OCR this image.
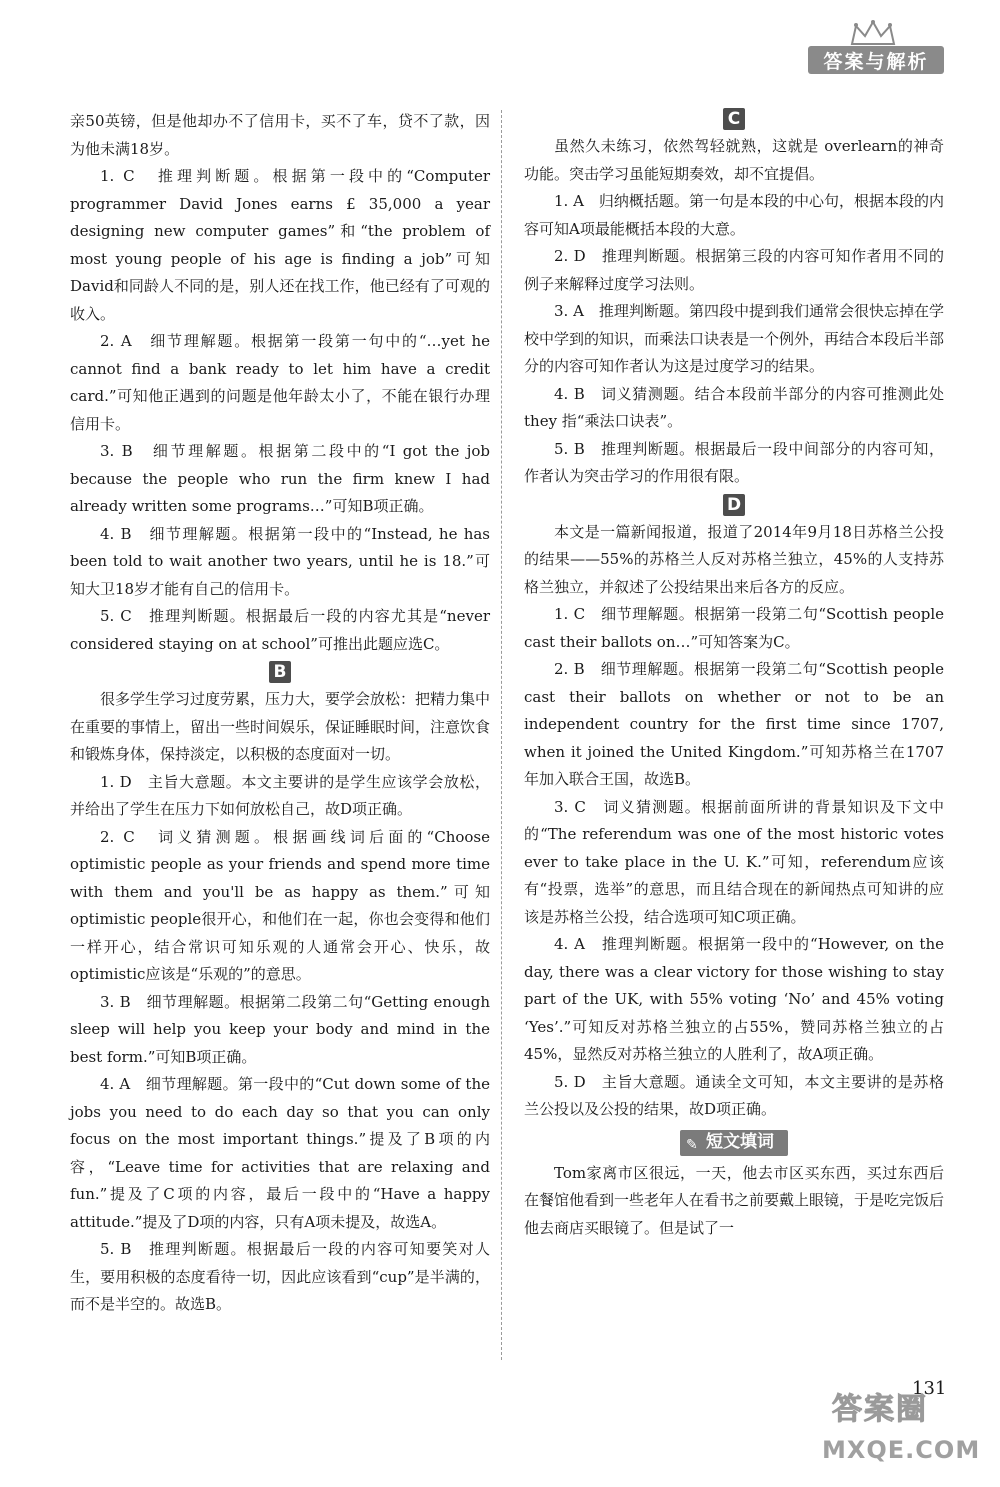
答案与解析

亲50英镑，但是他却办不了信用卡，买不了车，贷不了款，因为他未满18岁。

1. C　推理判断题。根据第一段中的“Computer programmer David Jones earns £ 35,000 a year designing new computer games”和“the problem of most young people of his age is finding a job”可知David和同龄人不同的是，别人还在找工作，他已经有了可观的收入。

2. A　细节理解题。根据第一段第一句中的“…yet he cannot find a bank ready to let him have a credit card.”可知他正遇到的问题是他年龄太小了，不能在银行办理信用卡。

3. B　细节理解题。根据第二段中的“I got the job because the people who run the firm knew I had already written some programs…”可知B项正确。

4. B　细节理解题。根据第一段中的“Instead, he has been told to wait another two years, until he is 18.”可知大卫18岁才能有自己的信用卡。

5. C　推理判断题。根据最后一段的内容尤其是“never considered staying on at school”可推出此题应选C。

B

很多学生学习过度劳累，压力大，要学会放松：把精力集中在重要的事情上，留出一些时间娱乐，保证睡眠时间，注意饮食和锻炼身体，保持淡定，以积极的态度面对一切。

1. D　主旨大意题。本文主要讲的是学生应该学会放松，并给出了学生在压力下如何放松自己，故D项正确。

2. C　词义猜测题。根据画线词后面的“Choose optimistic people as your friends and spend more time with them and you'll be as happy as them.”可知 optimistic people很开心，和他们在一起，你也会变得和他们一样开心，结合常识可知乐观的人通常会开心、快乐，故 optimistic应该是“乐观的”的意思。

3. B　细节理解题。根据第二段第二句“Getting enough sleep will help you keep your body and mind in the best form.”可知B项正确。

4. A　细节理解题。第一段中的“Cut down some of the jobs you need to do each day so that you can only focus on the most important things.”提及了B项的内容，“Leave time for activities that are relaxing and fun.”提及了C项的内容，最后一段中的“Have a happy attitude.”提及了D项的内容，只有A项未提及，故选A。

5. B　推理判断题。根据最后一段的内容可知要笑对人生，要用积极的态度看待一切，因此应该看到“cup”是半满的，而不是半空的。故选B。

C

虽然久未练习，依然驾轻就熟，这就是 overlearn的神奇功能。突击学习虽能短期奏效，却不宜提倡。

1. A　归纳概括题。第一句是本段的中心句，根据本段的内容可知A项最能概括本段的大意。

2. D　推理判断题。根据第三段的内容可知作者用不同的例子来解释过度学习法则。

3. A　推理判断题。第四段中提到我们通常会很快忘掉在学校中学到的知识，而乘法口诀表是一个例外，再结合本段后半部分的内容可知作者认为这是过度学习的结果。

4. B　词义猜测题。结合本段前半部分的内容可推测此处 they 指“乘法口诀表”。

5. B　推理判断题。根据最后一段中间部分的内容可知，作者认为突击学习的作用很有限。

D

本文是一篇新闻报道，报道了2014年9月18日苏格兰公投的结果——55%的苏格兰人反对苏格兰独立，45%的人支持苏格兰独立，并叙述了公投结果出来后各方的反应。

1. C　细节理解题。根据第一段第二句“Scottish people cast their ballots on…”可知答案为C。

2. B　细节理解题。根据第一段第二句“Scottish people cast their ballots on whether or not to be an independent country for the first time since 1707, when it joined the United Kingdom.”可知苏格兰在1707年加入联合王国，故选B。

3. C　词义猜测题。根据前面所讲的背景知识及下文中的“The referendum was one of the most historic votes ever to take place in the U. K.”可知，referendum应该有“投票，选举”的意思，而且结合现在的新闻热点可知讲的应该是苏格兰公投，结合选项可知C项正确。

4. A　推理判断题。根据第一段中的“However, on the day, there was a clear victory for those wishing to stay part of the UK, with 55% voting ‘No’ and 45% voting ‘Yes’.”可知反对苏格兰独立的占55%，赞同苏格兰独立的占45%，显然反对苏格兰独立的人胜利了，故A项正确。

5. D　主旨大意题。通读全文可知，本文主要讲的是苏格兰公投以及公投的结果，故D项正确。

✎ 短文填词

Tom家离市区很远，一天，他去市区买东西，买过东西后在餐馆他看到一些老年人在看书之前要戴上眼镜，于是吃完饭后他去商店买眼镜了。但是试了一

131
答案圈
MXQE.COM
